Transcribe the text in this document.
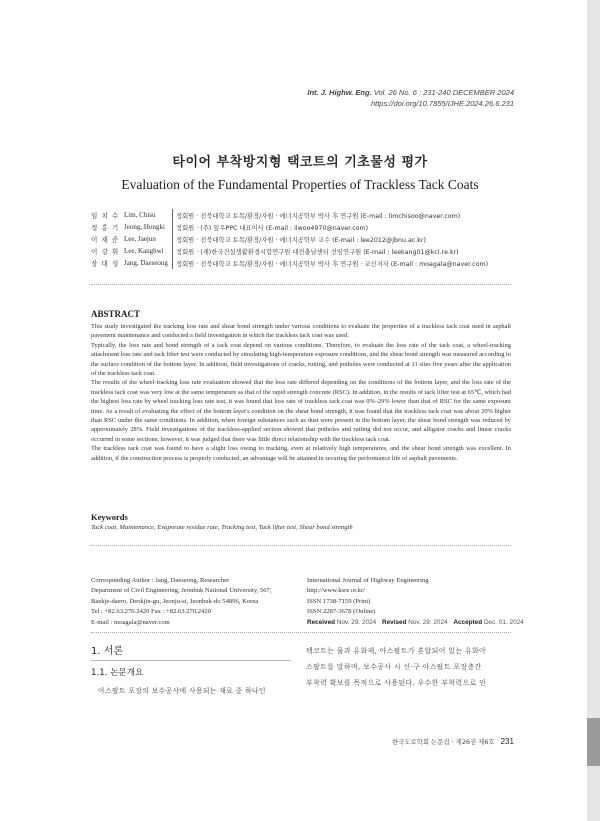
Int. J. Highw. Eng. Vol. 26 No. 6 : 231-240 DECEMBER 2024
https://doi.org/10.7855/IJHE.2024.26.6.231
타이어 부착방지형 택코트의 기초물성 평가
Evaluation of the Fundamental Properties of Trackless Tack Coats
임 치 수 Lim, Chisu	정회원 · 전북대학교 토목/환경/자원 · 에너지공학부 박사 후 연구원 (E-mail : limchisoo@naver.com)
정 홍 기 Jeong, Hongki	정회원 · (주) 일우PPC 대표이사 (E-mail : ilwoo4970@naver.com)
이 재 준 Lee, Jaejun	정회원 · 전북대학교 토목/환경/자원 · 에너지공학부 교수 (E-mail : lee2012@jbnu.ac.kr)
이 강 휘 Lee, Kanghwi	정회원 · (재)한국건설생활환경시험연구원 대전충남센터 선임연구원 (E-mail : leekang01@kcl.re.kr)
장 대 성 Jang, Daeseong	정회원 · 전북대학교 토목/환경/자원 · 에너지공학부 박사 후 연구원 · 교신저자 (E-mail : moagala@naver.com)
ABSTRACT

This study investigated the tracking loss rate and shear bond strength under various conditions to evaluate the properties of a trackless tack coat used in asphalt pavement maintenance and conducted a field investigation in which the trackless tack coat was used.

Typically, the loss rate and bond strength of a tack coat depend on various conditions. Therefore, to evaluate the loss rate of the tack coat, a wheel-tracking attachment loss rate and tack lifter test were conducted by simulating high-temperature exposure conditions, and the shear bond strength was measured according to the surface condition of the bottom layer. In addition, field investigations of cracks, rutting, and potholes were conducted at 11 sites five years after the application of the trackless tack coat.

The results of the wheel-tracking loss rate evaluation showed that the loss rate differed depending on the conditions of the bottom layer, and the loss rate of the trackless tack coat was very low at the same temperature as that of the rapid strength concrete (RSC). In addition, in the results of tack lifter test at 65℃, which had the highest loss rate by wheel tracking loss rate test, it was found that loss rate of trackless tack coat was 0%–29% lower than that of RSC for the same exposure time. As a result of evaluating the effect of the bottom layer's condition on the shear bond strength, it was found that the trackless tack coat was about 20% higher than RSC under the same conditions. In addition, when foreign substances such as dust were present in the bottom layer, the shear bond strength was reduced by approximately 28%. Field investigations of the trackless-applied section showed that potholes and rutting did not occur, and alligator cracks and linear cracks occurred in some sections; however, it was judged that there was little direct relationship with the trackless tack coat.

The trackless tack coat was found to have a slight loss owing to tracking, even at relatively high temperatures, and the shear bond strength was excellent. In addition, if the construction process is properly conducted, an advantage will be attained in securing the performance life of asphalt pavements.

Keywords
Tack coat, Maintenance, Evaporate residue rate, Tracking test, Tack lifter test, Shear bond strength
Corresponding Author : Jang, Daeseong, Researcher
Department of Civil Engineering, Jeonbuk National University, 567,
Baekje-daero, Deokjin-gu, Jeonju-si, Jeonbuk-do 54896, Korea
Tel : +82.63.270.2420 Fax : +82.63.270.2420
E-mail : moagala@naver.com
International Journal of Highway Engineering
http://www.ksre.or.kr/
ISSN 1738-7159 (Print)
ISSN 2287-3678 (Online)
Received Nov. 29. 2024 Revised Nov. 29. 2024 Accepted Dec. 01. 2024
1. 서론
1.1. 논문개요
아스팔트 포장의 보수공사에 사용되는 재료 중 하나인
택코트는 물과 유화제, 아스팔트가 혼합되어 있는 유화아
스팔트를 말하며, 보수공사 시 신·구 아스팔트 포장층간
부착력 확보를 목적으로 사용된다. 우수한 부착력으로 인
한국도로학회 논문집 · 제26권 제6호 231
